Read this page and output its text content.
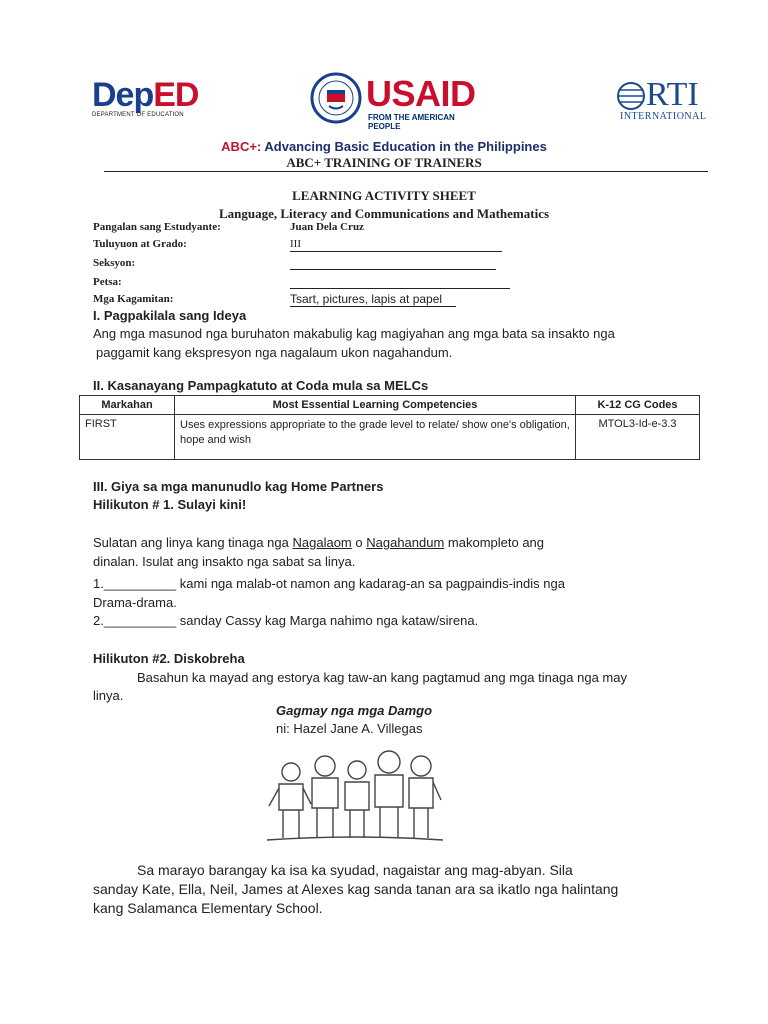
DepED
DEPARTMENT OF EDUCATION
USAID
FROM THE AMERICAN PEOPLE
RTI
INTERNATIONAL
ABC+: Advancing Basic Education in the Philippines
ABC+ TRAINING OF TRAINERS
LEARNING ACTIVITY SHEET
Language, Literacy and Communications and Mathematics
Pangalan sang Estudyante:	Juan Dela Cruz
Tuluyuon at Grado:	III
Seksyon:
Petsa:
Mga Kagamitan:	Tsart, pictures, lapis at papel
I. Pagpakilala sang Ideya
Ang mga masunod nga buruhaton makabulig kag magiyahan ang mga bata sa insakto nga
paggamit kang ekspresyon nga nagalaum ukon nagahandum.
II. Kasanayang Pampagkatuto at Coda mula sa MELCs
Markahan	Most Essential Learning Competencies	K-12 CG Codes
FIRST	Uses expressions appropriate to the grade level to relate/ show one's obligation, hope and wish	MTOL3-Id-e-3.3
III. Giya sa mga manunudlo kag Home Partners
Hilikuton # 1. Sulayi kini!
Sulatan ang linya kang tinaga nga Nagalaom o Nagahandum makompleto ang
dinalan. Isulat ang insakto nga sabat sa linya.
1.__________ kami nga malab-ot namon ang kadarag-an sa pagpaindis-indis nga
Drama-drama.
2.__________ sanday Cassy kag Marga nahimo nga kataw/sirena.
Hilikuton #2. Diskobreha
Basahun ka mayad ang estorya kag taw-an kang pagtamud ang mga tinaga nga may
linya.
Gagmay nga mga Damgo
ni: Hazel Jane A. Villegas
Sa marayo barangay ka isa ka syudad, nagaistar ang mag-abyan. Sila
sanday Kate, Ella, Neil, James at Alexes kag sanda tanan ara sa ikatlo nga halintang
kang Salamanca Elementary School.
